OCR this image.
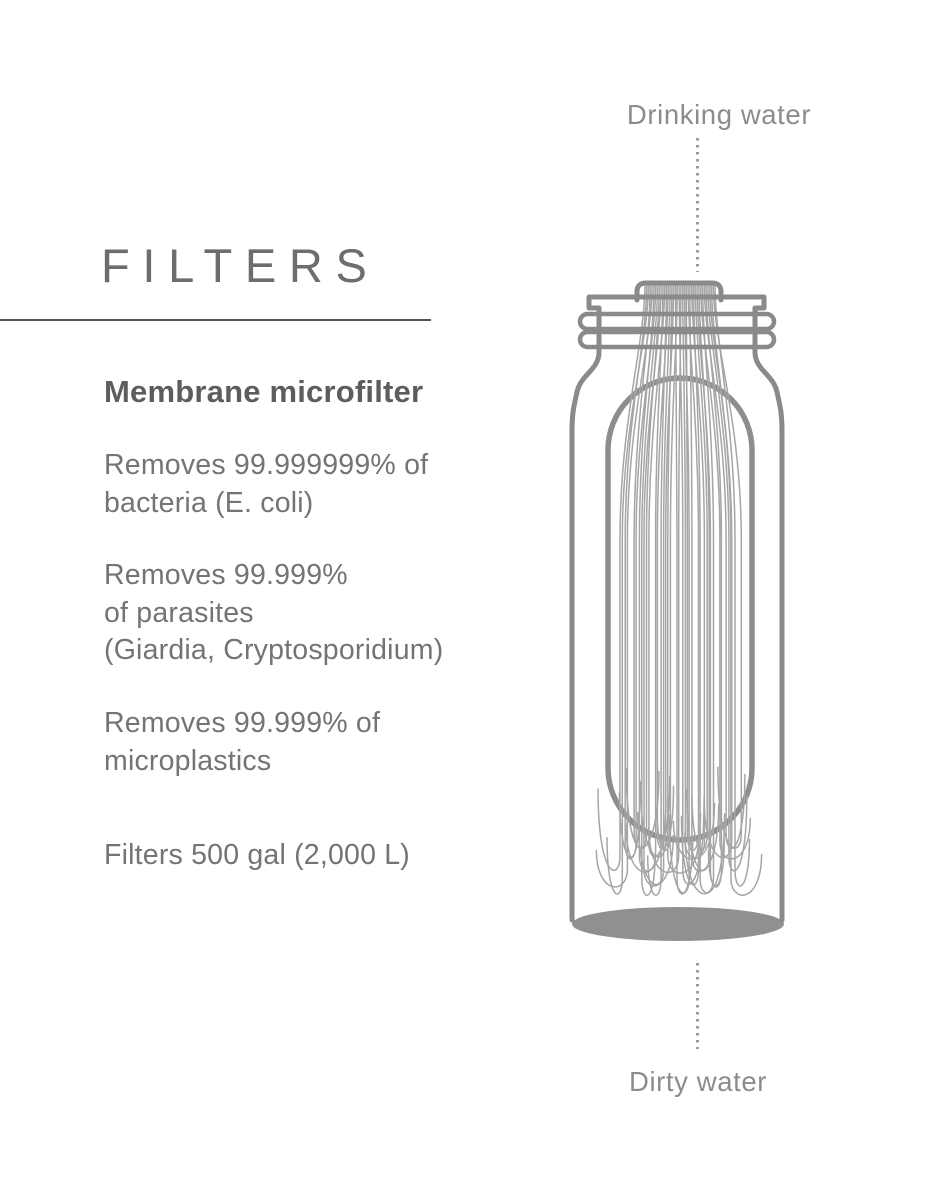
Drinking water
FILTERS
Membrane microfilter

Removes 99.999999% of
bacteria (E. coli)

Removes 99.999%
of parasites
(Giardia, Cryptosporidium)

Removes 99.999% of
microplastics

Filters 500 gal (2,000 L)

Dirty water
